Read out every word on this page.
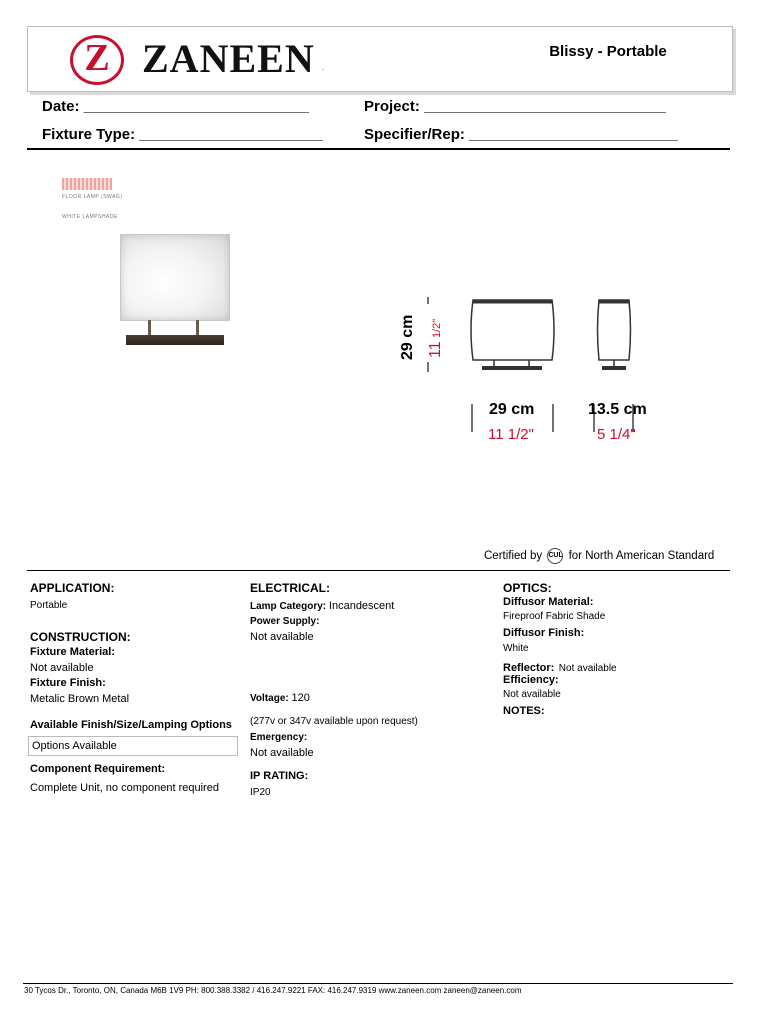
Z ZANEEN .
Blissy - Portable
Date: ___________________________	Project: _____________________________
Fixture Type: ______________________	Specifier/Rep: _________________________
FLOOR LAMP (SWAG)
WHITE LAMPSHADE
29 cm 11
1/2"
29 cm
11 1/2"
13.5 cm
5 1/4"
Certified by CUL for North American Standard
APPLICATION:
Portable
CONSTRUCTION:
Fixture Material:
Not available
Fixture Finish:
Metalic Brown Metal
Available Finish/Size/Lamping Options
Options Available
Component Requirement:
Complete Unit, no component required
ELECTRICAL:
Lamp Category: Incandescent
Power Supply:
Not available
Voltage: 120
(277v or 347v available upon request)
Emergency:
Not available
IP RATING:
IP20
OPTICS:
Diffusor Material:
Fireproof Fabric Shade
Diffusor Finish:
White
Reflector: Not available
Efficiency:
Not available
NOTES:
30 Tycos Dr., Toronto, ON, Canada M6B 1V9 PH: 800.388.3382 / 416.247.9221 FAX: 416.247.9319 www.zaneen.com zaneen@zaneen.com
